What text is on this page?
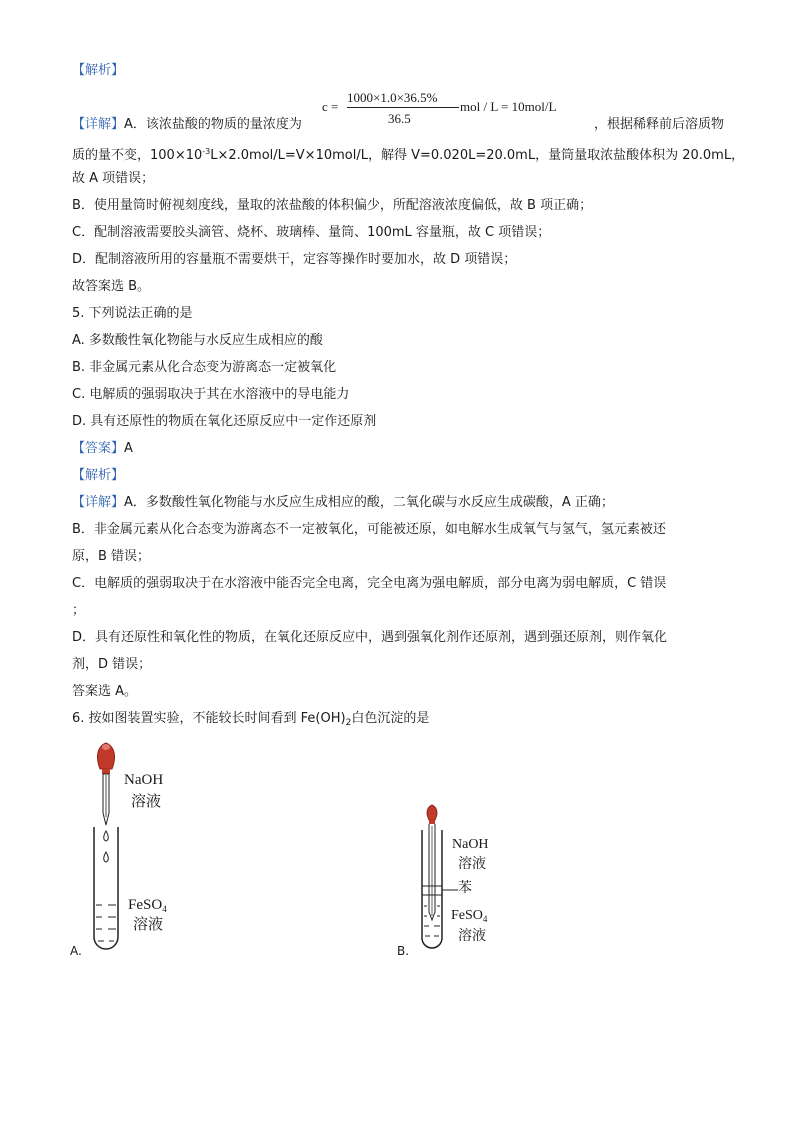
【解析】
【详解】A．该浓盐酸的物质的量浓度为
c =
1000×1.0×36.5%
36.5
mol / L = 10mol/L
，根据稀释前后溶质物
质的量不变，$100\times 10^{-3}L\times 2.0mol/L=V\times 10mol/L$，解得 V=0.020L=20.0mL，量筒量取浓盐酸体积为 20.0mL，
故 A 项错误；
B．使用量筒时俯视刻度线，量取的浓盐酸的体积偏少，所配溶液浓度偏低，故 B 项正确；
C．配制溶液需要胶头滴管、烧杯、玻璃棒、量筒、100mL 容量瓶，故 C 项错误；
D．配制溶液所用的容量瓶不需要烘干，定容等操作时要加水，故 D 项错误；
故答案选 B。
5. 下列说法正确的是
A. 多数酸性氧化物能与水反应生成相应的酸
B. 非金属元素从化合态变为游离态一定被氧化
C. 电解质的强弱取决于其在水溶液中的导电能力
D. 具有还原性的物质在氧化还原反应中一定作还原剂
【答案】A
【解析】
【详解】A．多数酸性氧化物能与水反应生成相应的酸，二氧化碳与水反应生成碳酸，A 正确；
B．非金属元素从化合态变为游离态不一定被氧化，可能被还原，如电解水生成氧气与氢气，氢元素被还
原，B 错误；
C．电解质的强弱取决于在水溶液中能否完全电离，完全电离为强电解质，部分电离为弱电解质，C 错误
；
D．具有还原性和氧化性的物质，在氧化还原反应中，遇到强氧化剂作还原剂，遇到强还原剂，则作氧化
剂，D 错误；
答案选 A。
6. 按如图装置实验，不能较长时间看到 $Fe(OH)_2$白色沉淀的是
NaOH
溶液
FeSO$_4$
溶液
A.
NaOH
溶液
苯
FeSO$_4$
溶液
B.
